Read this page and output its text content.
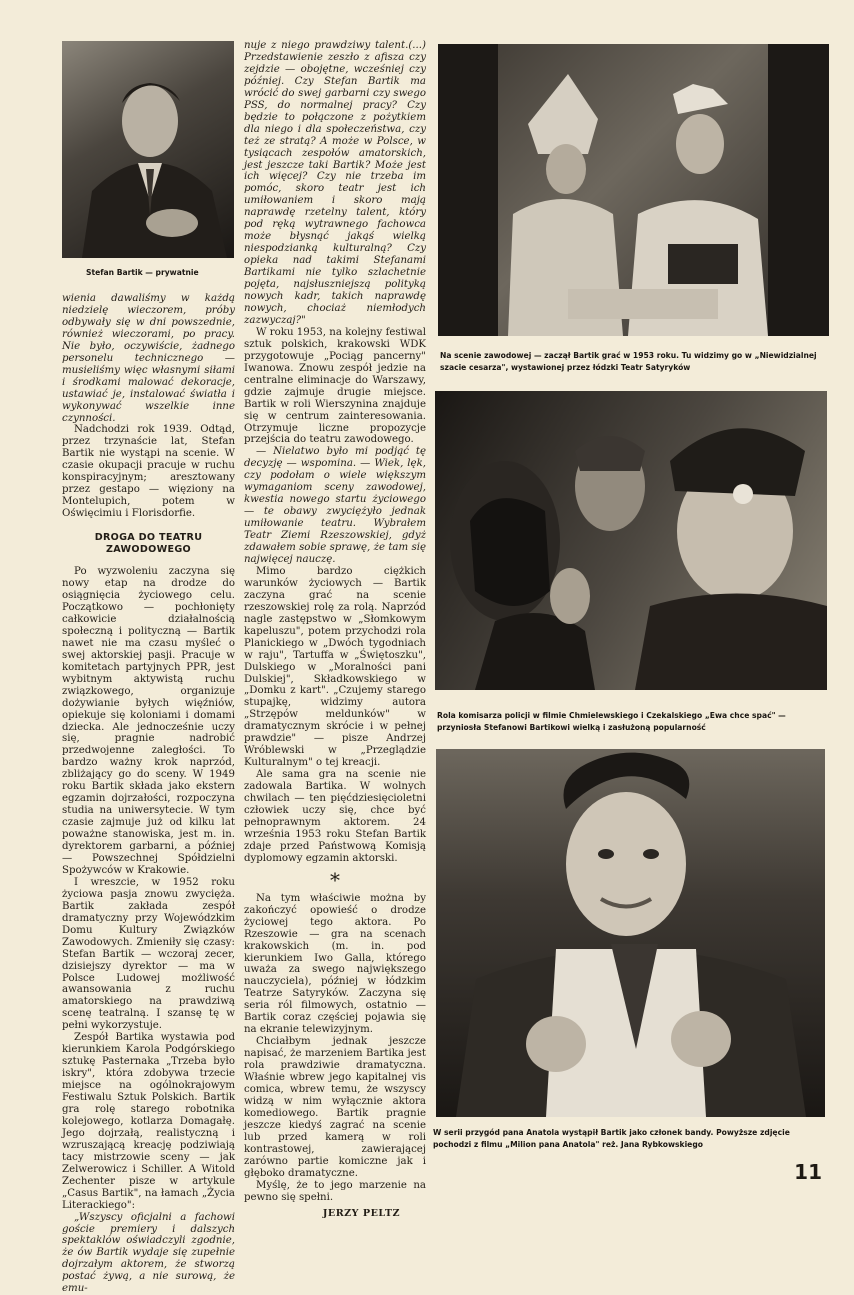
Stefan Bartik — prywatnie
Na scenie zawodowej — zaczął Bartik grać w 1953 roku. Tu widzimy go w „Niewidzialnej szacie cesarza", wystawionej przez łódzki Teatr Satyryków
Rola komisarza policji w filmie Chmielewskiego i Czekalskiego „Ewa chce spać" — przyniosła Stefanowi Bartikowi wielką i zasłużoną popularność
W serii przygód pana Anatola wystąpił Bartik jako członek bandy. Powyższe zdjęcie pochodzi z filmu „Milion pana Anatola" reż. Jana Rybkowskiego

wienia dawaliśmy w każdą niedzielę wieczorem, próby odbywały się w dni powszednie, również wieczorami, po pracy. Nie było, oczywiście, żadnego personelu technicznego — musieliśmy więc własnymi siłami i środkami malować dekoracje, ustawiać je, instalować światła i wykonywać wszelkie inne czynności.

Nadchodzi rok 1939. Odtąd, przez trzynaście lat, Stefan Bartik nie wystąpi na scenie. W czasie okupacji pracuje w ruchu konspiracyjnym; aresztowany przez gestapo — więziony na Montelupich, potem w Oświęcimiu i Florisdorfie.

DROGA DO TEATRU ZAWODOWEGO

Po wyzwoleniu zaczyna się nowy etap na drodze do osiągnięcia życiowego celu. Początkowo — pochłonięty całkowicie działalnością społeczną i polityczną — Bartik nawet nie ma czasu myśleć o swej aktorskiej pasji. Pracuje w komitetach partyjnych PPR, jest wybitnym aktywistą ruchu związkowego, organizuje dożywianie byłych więźniów, opiekuje się koloniami i domami dziecka. Ale jednocześnie uczy się, pragnie nadrobić przedwojenne zaległości. To bardzo ważny krok naprzód, zbliżający go do sceny. W 1949 roku Bartik składa jako ekstern egzamin dojrzałości, rozpoczyna studia na uniwersytecie. W tym czasie zajmuje już od kilku lat poważne stanowiska, jest m. in. dyrektorem garbarni, a później — Powszechnej Spółdzielni Spożywców w Krakowie.

I wreszcie, w 1952 roku życiowa pasja znowu zwycięża. Bartik zakłada zespół dramatyczny przy Wojewódzkim Domu Kultury Związków Zawodowych. Zmieniły się czasy: Stefan Bartik — wczoraj zecer, dzisiejszy dyrektor — ma w Polsce Ludowej możliwość awansowania z ruchu amatorskiego na prawdziwą scenę teatralną. I szansę tę w pełni wykorzystuje.

Zespół Bartika wystawia pod kierunkiem Karola Podgórskiego sztukę Pasternaka „Trzeba było iskry", która zdobywa trzecie miejsce na ogólnokrajowym Festiwalu Sztuk Polskich. Bartik gra rolę starego robotnika kolejowego, kotlarza Domagałę. Jego dojrzałą, realistyczną i wzruszającą kreację podziwiają tacy mistrzowie sceny — jak Zelwerowicz i Schiller. A Witold Zechenter pisze w artykule „Casus Bartik", na łamach „Życia Literackiego":

„Wszyscy oficjalni a fachowi goście premiery i dalszych spektaklów oświadczyli zgodnie, że ów Bartik wydaje się zupełnie dojrzałym aktorem, że stworzą postać żywą, a nie surową, że emu-

nuje z niego prawdziwy talent.(...) Przedstawienie zeszło z afisza czy zejdzie — obojętne, wcześniej czy później. Czy Stefan Bartik ma wrócić do swej garbarni czy swego PSS, do normalnej pracy? Czy będzie to połączone z pożytkiem dla niego i dla społeczeństwa, czy też ze stratą? A może w Polsce, w tysiącach zespołów amatorskich, jest jeszcze taki Bartik? Może jest ich więcej? Czy nie trzeba im pomóc, skoro teatr jest ich umiłowaniem i skoro mają naprawdę rzetelny talent, który pod ręką wytrawnego fachowca może błysnąć jakąś wielką niespodzianką kulturalną? Czy opieka nad takimi Stefanami Bartikami nie tylko szlachetnie pojęta, najsłuszniejszą polityką nowych kadr, takich naprawdę nowych, chociaż niemłodych zazwyczaj?"

W roku 1953, na kolejny festiwal sztuk polskich, krakowski WDK przygotowuje „Pociąg pancerny" Iwanowa. Znowu zespół jedzie na centralne eliminacje do Warszawy, gdzie zajmuje drugie miejsce. Bartik w roli Wierszynina znajduje się w centrum zainteresowania. Otrzymuje liczne propozycje przejścia do teatru zawodowego.

— Nielatwo było mi podjąć tę decyzję — wspomina. — Wiek, lęk, czy podołam o wiele większym wymaganiom sceny zawodowej, kwestia nowego startu życiowego — te obawy zwyciężyło jednak umiłowanie teatru. Wybrałem Teatr Ziemi Rzeszowskiej, gdyż zdawałem sobie sprawę, że tam się najwięcej nauczę.

Mimo bardzo ciężkich warunków życiowych — Bartik zaczyna grać na scenie rzeszowskiej rolę za rolą. Naprzód nagle zastępstwo w „Słomkowym kapeluszu", potem przychodzi rola Planickiego w „Dwóch tygodniach w raju", Tartuffa w „Świętoszku", Dulskiego w „Moralności pani Dulskiej", Składkowskiego w „Domku z kart". „Czujemy starego stupajkę, widzimy autora „Strzępów meldunków" w dramatycznym skrócie i w pełnej prawdzie" — pisze Andrzej Wróblewski w „Przeglądzie Kulturalnym" o tej kreacji.

Ale sama gra na scenie nie zadowala Bartika. W wolnych chwilach — ten pięćdziesięcioletni człowiek uczy się, chce być pełnoprawnym aktorem. 24 września 1953 roku Stefan Bartik zdaje przed Państwową Komisją dyplomowy egzamin aktorski.

*

Na tym właściwie można by zakończyć opowieść o drodze życiowej tego aktora. Po Rzeszowie — gra na scenach krakowskich (m. in. pod kierunkiem Iwo Galla, którego uważa za swego największego nauczyciela), później w łódzkim Teatrze Satyryków. Zaczyna się seria ról filmowych, ostatnio — Bartik coraz częściej pojawia się na ekranie telewizyjnym.

Chciałbym jednak jeszcze napisać, że marzeniem Bartika jest rola prawdziwie dramatyczna. Właśnie wbrew jego kapitalnej vis comica, wbrew temu, że wszyscy widzą w nim wyłącznie aktora komediowego. Bartik pragnie jeszcze kiedyś zagrać na scenie lub przed kamerą w roli kontrastowej, zawierającej zarówno partie komiczne jak i głęboko dramatyczne.

Myślę, że to jego marzenie na pewno się spełni.

JERZY PELTZ
11
